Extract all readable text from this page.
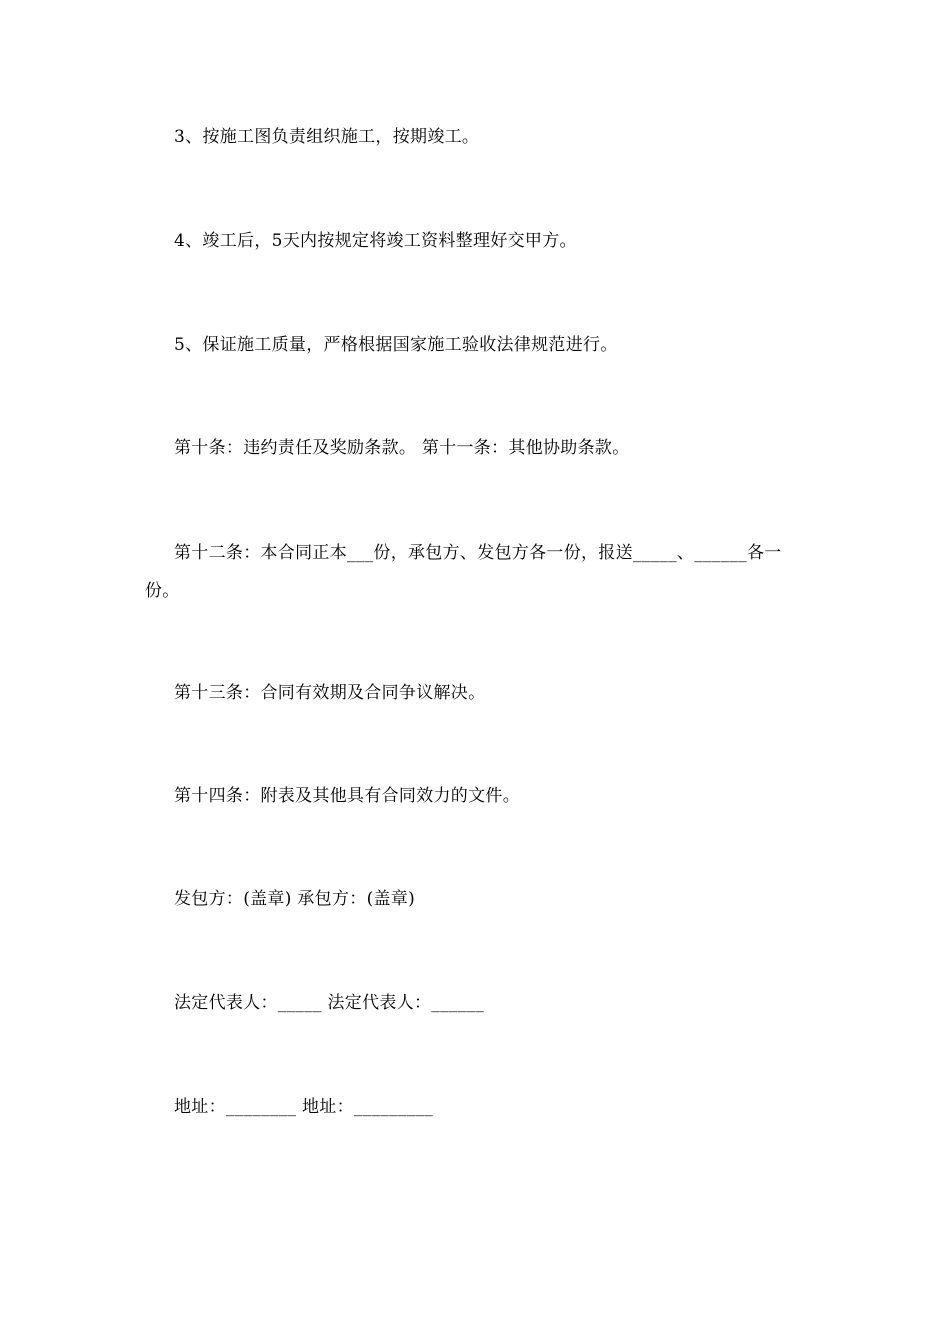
3、按施工图负责组织施工，按期竣工。
4、竣工后，5天内按规定将竣工资料整理好交甲方。
5、保证施工质量，严格根据国家施工验收法律规范进行。
第十条：违约责任及奖励条款。 第十一条：其他协助条款。
第十二条：本合同正本___份，承包方、发包方各一份，报送_____、______各一份。
第十三条：合同有效期及合同争议解决。
第十四条：附表及其他具有合同效力的文件。
发包方：(盖章) 承包方：(盖章)
法定代表人：_____ 法定代表人：______
地址：________ 地址：_________
